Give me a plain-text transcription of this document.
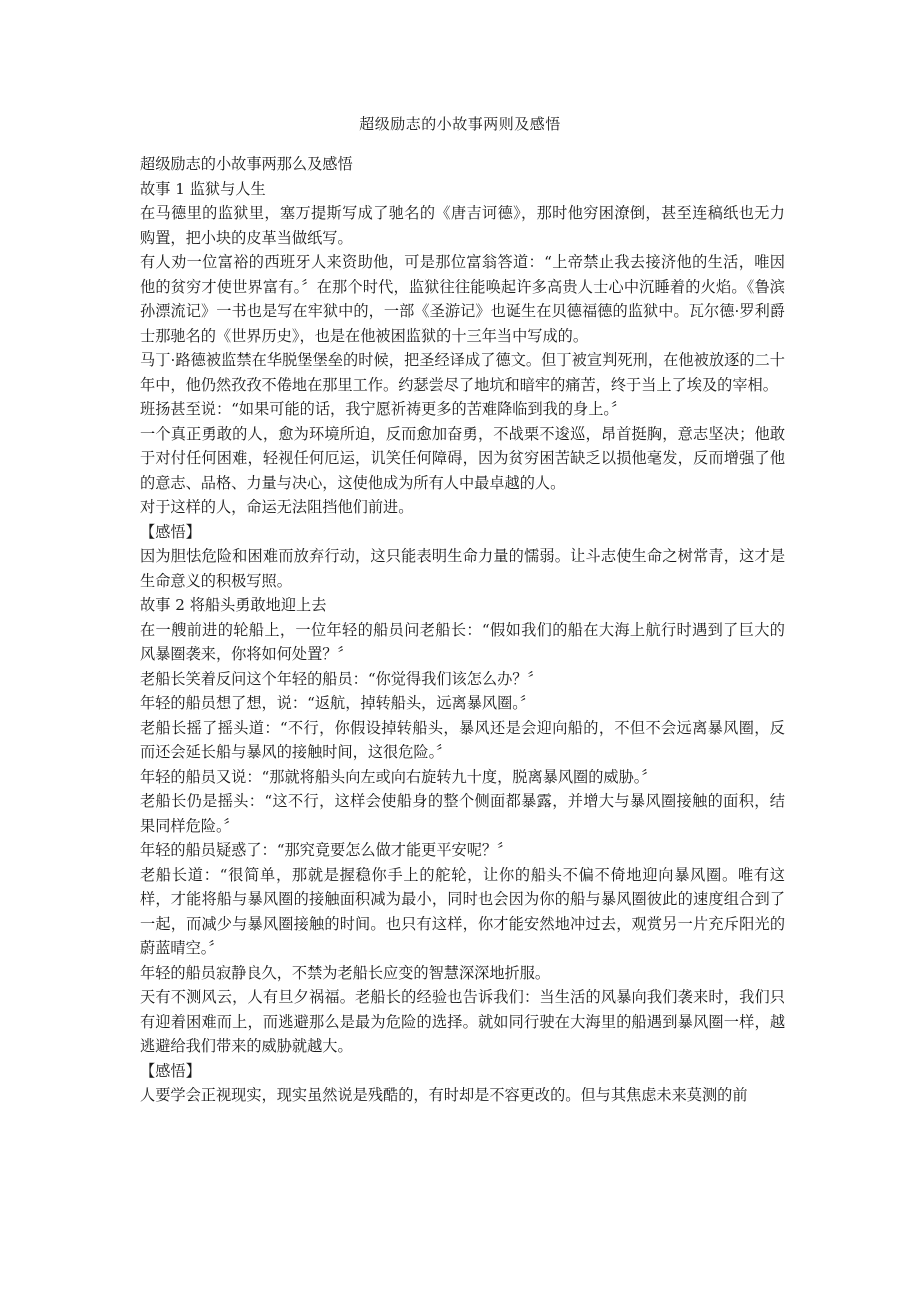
超级励志的小故事两则及感悟

超级励志的小故事两那么及感悟

故事 1 监狱与人生

在马德里的监狱里，塞万提斯写成了驰名的《唐吉诃德》，那时他穷困潦倒，甚至连稿纸也无力购置，把小块的皮革当做纸写。

有人劝一位富裕的西班牙人来资助他，可是那位富翁答道：“上帝禁止我去接济他的生活，唯因他的贫穷才使世界富有。〞在那个时代，监狱往往能唤起许多高贵人士心中沉睡着的火焰。《鲁滨孙漂流记》一书也是写在牢狱中的，一部《圣游记》也诞生在贝德福德的监狱中。瓦尔德·罗利爵士那驰名的《世界历史》，也是在他被困监狱的十三年当中写成的。

马丁·路德被监禁在华脱堡堡垒的时候，把圣经译成了德文。但丁被宣判死刑，在他被放逐的二十年中，他仍然孜孜不倦地在那里工作。约瑟尝尽了地坑和暗牢的痛苦，终于当上了埃及的宰相。

班扬甚至说：“如果可能的话，我宁愿祈祷更多的苦难降临到我的身上。〞

一个真正勇敢的人，愈为环境所迫，反而愈加奋勇，不战栗不逡巡，昂首挺胸，意志坚决；他敢于对付任何困难，轻视任何厄运，讥笑任何障碍，因为贫穷困苦缺乏以损他毫发，反而增强了他的意志、品格、力量与决心，这使他成为所有人中最卓越的人。

对于这样的人，命运无法阻挡他们前进。

【感悟】

因为胆怯危险和困难而放弃行动，这只能表明生命力量的懦弱。让斗志使生命之树常青，这才是生命意义的积极写照。

故事 2 将船头勇敢地迎上去

在一艘前进的轮船上，一位年轻的船员问老船长：“假如我们的船在大海上航行时遇到了巨大的风暴圈袭来，你将如何处置？〞

老船长笑着反问这个年轻的船员：“你觉得我们该怎么办？〞

年轻的船员想了想，说：“返航，掉转船头，远离暴风圈。〞

老船长摇了摇头道：“不行，你假设掉转船头，暴风还是会迎向船的，不但不会远离暴风圈，反而还会延长船与暴风的接触时间，这很危险。〞

年轻的船员又说：“那就将船头向左或向右旋转九十度，脱离暴风圈的威胁。〞

老船长仍是摇头：“这不行，这样会使船身的整个侧面都暴露，并增大与暴风圈接触的面积，结果同样危险。〞

年轻的船员疑惑了：“那究竟要怎么做才能更平安呢？〞

老船长道：“很简单，那就是握稳你手上的舵轮，让你的船头不偏不倚地迎向暴风圈。唯有这样，才能将船与暴风圈的接触面积减为最小，同时也会因为你的船与暴风圈彼此的速度组合到了一起，而减少与暴风圈接触的时间。也只有这样，你才能安然地冲过去，观赏另一片充斥阳光的蔚蓝晴空。〞

年轻的船员寂静良久，不禁为老船长应变的智慧深深地折服。

天有不测风云，人有旦夕祸福。老船长的经验也告诉我们：当生活的风暴向我们袭来时，我们只有迎着困难而上，而逃避那么是最为危险的选择。就如同行驶在大海里的船遇到暴风圈一样，越逃避给我们带来的威胁就越大。

【感悟】

人要学会正视现实，现实虽然说是残酷的，有时却是不容更改的。但与其焦虑未来莫测的前
